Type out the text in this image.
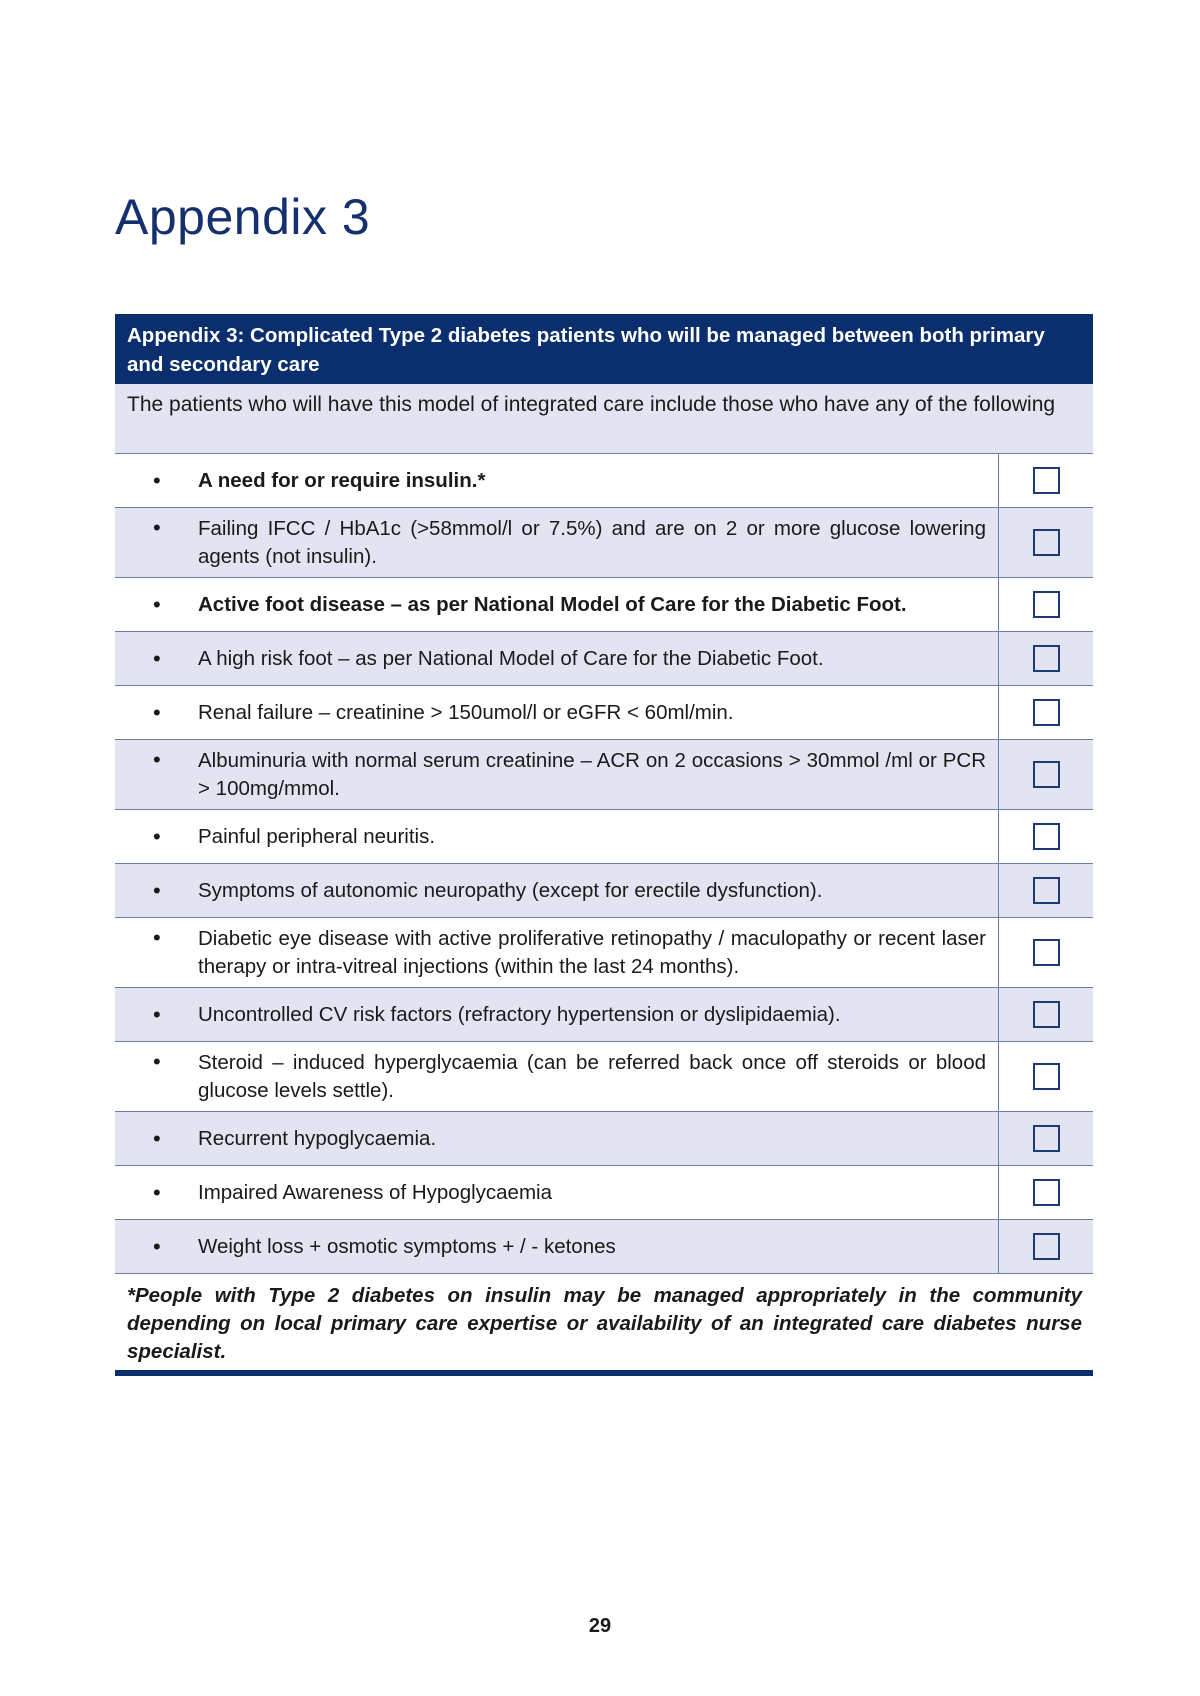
Appendix 3
Appendix 3: Complicated Type 2 diabetes patients who will be managed between both primary and secondary care
The patients who will have this model of integrated care include those who have any of the following
•	A need for or require insulin.*
•	Failing IFCC / HbA1c (>58mmol/l or 7.5%) and are on 2 or more glucose lowering agents (not insulin).
•	Active foot disease – as per National Model of Care for the Diabetic Foot.
•	A high risk foot – as per National Model of Care for the Diabetic Foot.
•	Renal failure – creatinine > 150umol/l or eGFR < 60ml/min.
•	Albuminuria with normal serum creatinine – ACR on 2 occasions > 30mmol /ml or PCR > 100mg/mmol.
•	Painful peripheral neuritis.
•	Symptoms of autonomic neuropathy (except for erectile dysfunction).
•	Diabetic eye disease with active proliferative retinopathy / maculopathy or recent laser therapy or intra-vitreal injections (within the last 24 months).
•	Uncontrolled CV risk factors (refractory hypertension or dyslipidaemia).
•	Steroid – induced hyperglycaemia (can be referred back once off steroids or blood glucose levels settle).
•	Recurrent hypoglycaemia.
•	Impaired Awareness of Hypoglycaemia
•	Weight loss + osmotic symptoms + / - ketones
*People with Type 2 diabetes on insulin may be managed appropriately in the community depending on local primary care expertise or availability of an integrated care diabetes nurse specialist.
29
